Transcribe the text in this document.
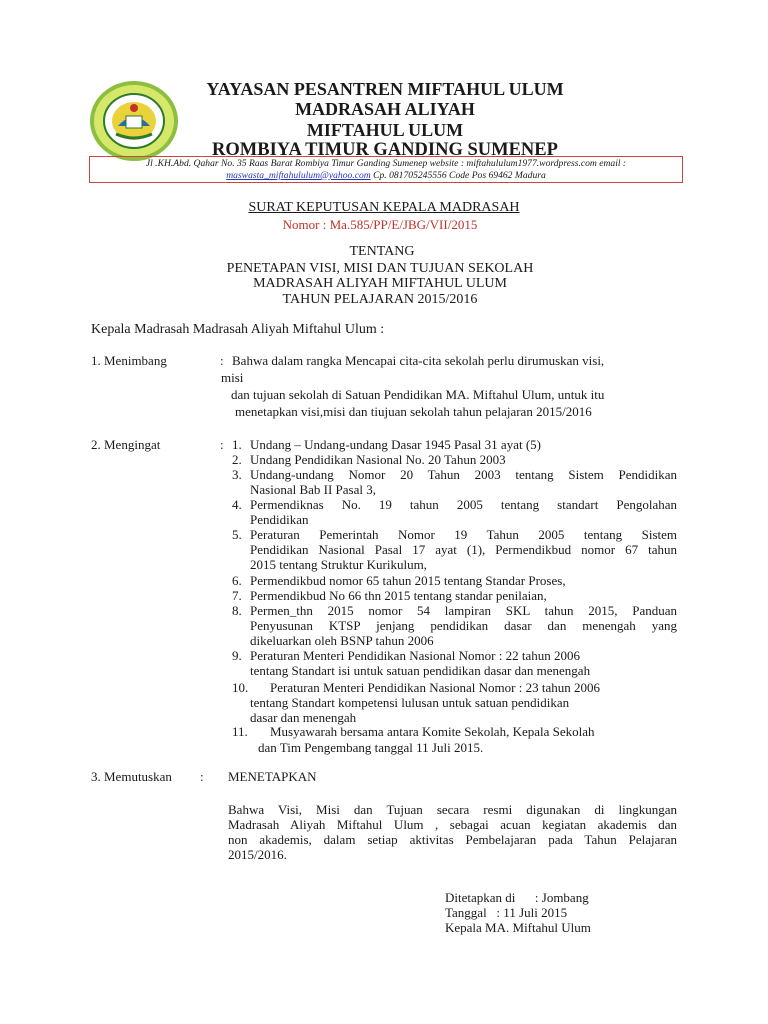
YAYASAN PESANTREN MIFTAHUL ULUM
MADRASAH ALIYAH
MIFTAHUL ULUM
ROMBIYA TIMUR GANDING SUMENEP
Jl .KH.Abd. Qahar No. 35 Raas Barat Rombiya Timur Ganding Sumenep website : miftahululum1977.wordpress.com email :
maswasta_miftahululum@yahoo.com Cp. 081705245556 Code Pos 69462 Madura
SURAT KEPUTUSAN KEPALA MADRASAH
Nomor : Ma.585/PP/E/JBG/VII/2015
TENTANG
PENETAPAN VISI, MISI DAN TUJUAN SEKOLAH
MADRASAH ALIYAH MIFTAHUL ULUM
TAHUN PELAJARAN 2015/2016
Kepala Madrasah Madrasah Aliyah Miftahul Ulum :
1. Menimbang	: Bahwa dalam rangka Mencapai cita-cita sekolah perlu dirumuskan visi,
misi
dan tujuan sekolah di Satuan Pendidikan MA. Miftahul Ulum, untuk itu
menetapkan visi,misi dan tiujuan sekolah tahun pelajaran 2015/2016
2. Mengingat	: 1. Undang – Undang-undang Dasar 1945 Pasal 31 ayat (5)
2. Undang Pendidikan Nasional No. 20 Tahun 2003
3. Undang-undang Nomor 20 Tahun 2003 tentang Sistem Pendidikan
Nasional Bab II Pasal 3,
4. Permendiknas No. 19 tahun 2005 tentang standart Pengolahan
Pendidikan
5. Peraturan Pemerintah Nomor 19 Tahun 2005 tentang Sistem
Pendidikan Nasional Pasal 17 ayat (1), Permendikbud nomor 67 tahun
2015 tentang Struktur Kurikulum,
6. Permendikbud nomor 65 tahun 2015 tentang Standar Proses,
7. Permendikbud No 66 thn 2015 tentang standar penilaian,
8. Permen_thn 2015 nomor 54 lampiran SKL tahun 2015, Panduan
Penyusunan KTSP jenjang pendidikan dasar dan menengah yang
dikeluarkan oleh BSNP tahun 2006
9. Peraturan Menteri Pendidikan Nasional Nomor : 22 tahun 2006
tentang Standart isi untuk satuan pendidikan dasar dan menengah
10. Peraturan Menteri Pendidikan Nasional Nomor : 23 tahun 2006
tentang Standart kompetensi lulusan untuk satuan pendidikan
dasar dan menengah
11. Musyawarah bersama antara Komite Sekolah, Kepala Sekolah
dan Tim Pengembang tanggal 11 Juli 2015.
3. Memutuskan : MENETAPKAN
Bahwa Visi, Misi dan Tujuan secara resmi digunakan di lingkungan
Madrasah Aliyah Miftahul Ulum , sebagai acuan kegiatan akademis dan
non akademis, dalam setiap aktivitas Pembelajaran pada Tahun Pelajaran
2015/2016.
Ditetapkan di      : Jombang
Tanggal   : 11 Juli 2015
Kepala MA. Miftahul Ulum
